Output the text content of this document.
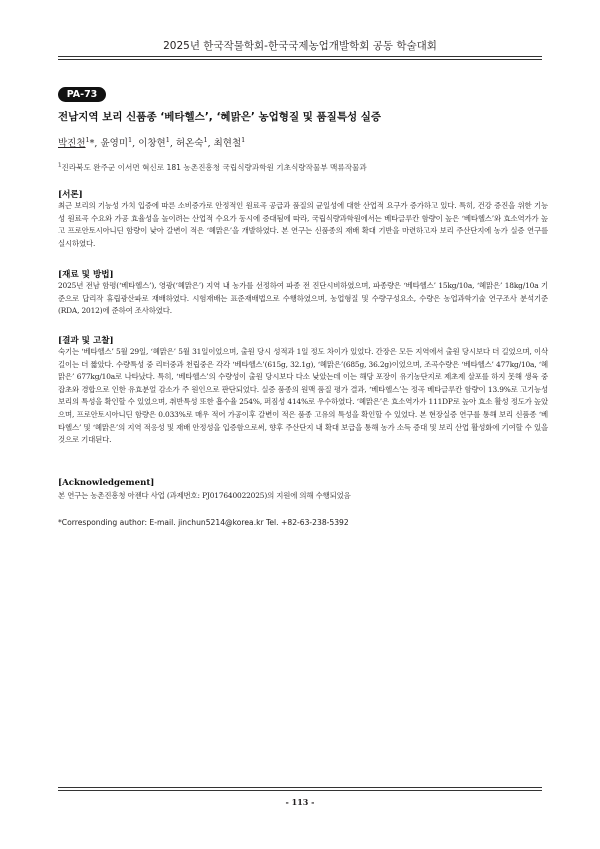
2025년 한국작물학회-한국국제농업개발학회 공동 학술대회
PA-73
전남지역 보리 신품종 ‘베타헬스’, ‘혜맑은’ 농업형질 및 품질특성 실증
박진천$^1$*, 윤영미$^1$, 이창현$^1$, 허온숙$^1$, 최현철$^1$
$^1$진라북도 완주군 이서면 혁신로 181 농촌진흥청 국립식량과학원 기초식량작물부 맥류작물과
[서론]
최근 보리의 기능성 가치 입증에 따른 소비증가로 안정적인 원료곡 공급과 품질의 균일성에 대한 산업적 요구가 증가하고 있다. 특히, 건강 증진을 위한 기능성 원료곡 수요와 가공 효율성을 높이려는 산업적 수요가 동시에 증대됨에 따라, 국립식량과학원에서는 베타글루칸 함량이 높은 ‘베타헬스’와 효소역가가 높고 프로안토시아니딘 함량이 낮아 갈변이 적은 ‘혜맑은’을 개발하였다. 본 연구는 신품종의 재배 확대 기반을 마련하고자 보리 주산단지에 농가 실증 연구를 실시하였다.
[재료 및 방법]
2025년 전남 함평(‘베타헬스’), 영광(‘혜맑은’) 지역 내 농가를 선정하여 파종 전 진단시비하였으며, 파종량은 ‘베타헬스’ 15kg/10a, ‘혜맑은’ 18kg/10a 기준으로 답리작 휴립광산파로 재배하였다. 시험재배는 표준재배법으로 수행하였으며, 농업형질 및 수량구성요소, 수량은 농업과학기술 연구조사 분석기준(RDA, 2012)에 준하여 조사하였다.
[결과 및 고찰]
숙기는 ‘베타헬스’ 5월 29일, ‘혜맑은’ 5월 31일이었으며, 출원 당시 성적과 1일 정도 차이가 있었다. 간장은 모든 지역에서 출원 당시보다 더 길었으며, 이삭 길이는 더 짧았다. 수량특성 중 리터중과 천립중은 각각 ‘베타헬스’(615g, 32.1g), ‘혜맑은’(685g, 36.2g)이었으며, 조곡수량은 ‘베타헬스’ 477kg/10a, ‘혜맑은’ 677kg/10a로 나타났다. 특히, ‘베타헬스’의 수량성이 출원 당시보다 다소 낮았는데 이는 해당 포장이 유기농단지로 제초제 살포를 하지 못해 생육 중 잡초와 경합으로 인한 유효분얼 감소가 주 원인으로 판단되었다. 실증 품종의 원맥 품질 평가 결과, ‘베타헬스’는 정곡 베타글루칸 함량이 13.9%로 고기능성 보리의 특성을 확인할 수 있었으며, 취반특성 또한 흡수율 254%, 퍼짐성 414%로 우수하였다. ‘혜맑은’은 효소역가가 111DP로 높아 효소 활성 정도가 높았으며, 프로안토시아니딘 함량은 0.033%로 매우 적어 가공이후 갈변이 적은 품종 고유의 특성을 확인할 수 있었다. 본 현장실증 연구를 통해 보리 신품종 ‘베타헬스’ 및 ‘혜맑은’의 지역 적응성 및 재배 안정성을 입증함으로써, 향후 주산단지 내 확대 보급을 통해 농가 소득 증대 및 보리 산업 활성화에 기여할 수 있을 것으로 기대된다.
[Acknowledgement]
본 연구는 농촌진흥청 아젠다 사업 (과제번호: PJ017640022025)의 지원에 의해 수행되었음
*Corresponding author: E-mail. jinchun5214@korea.kr Tel. +82-63-238-5392
- 113 -
